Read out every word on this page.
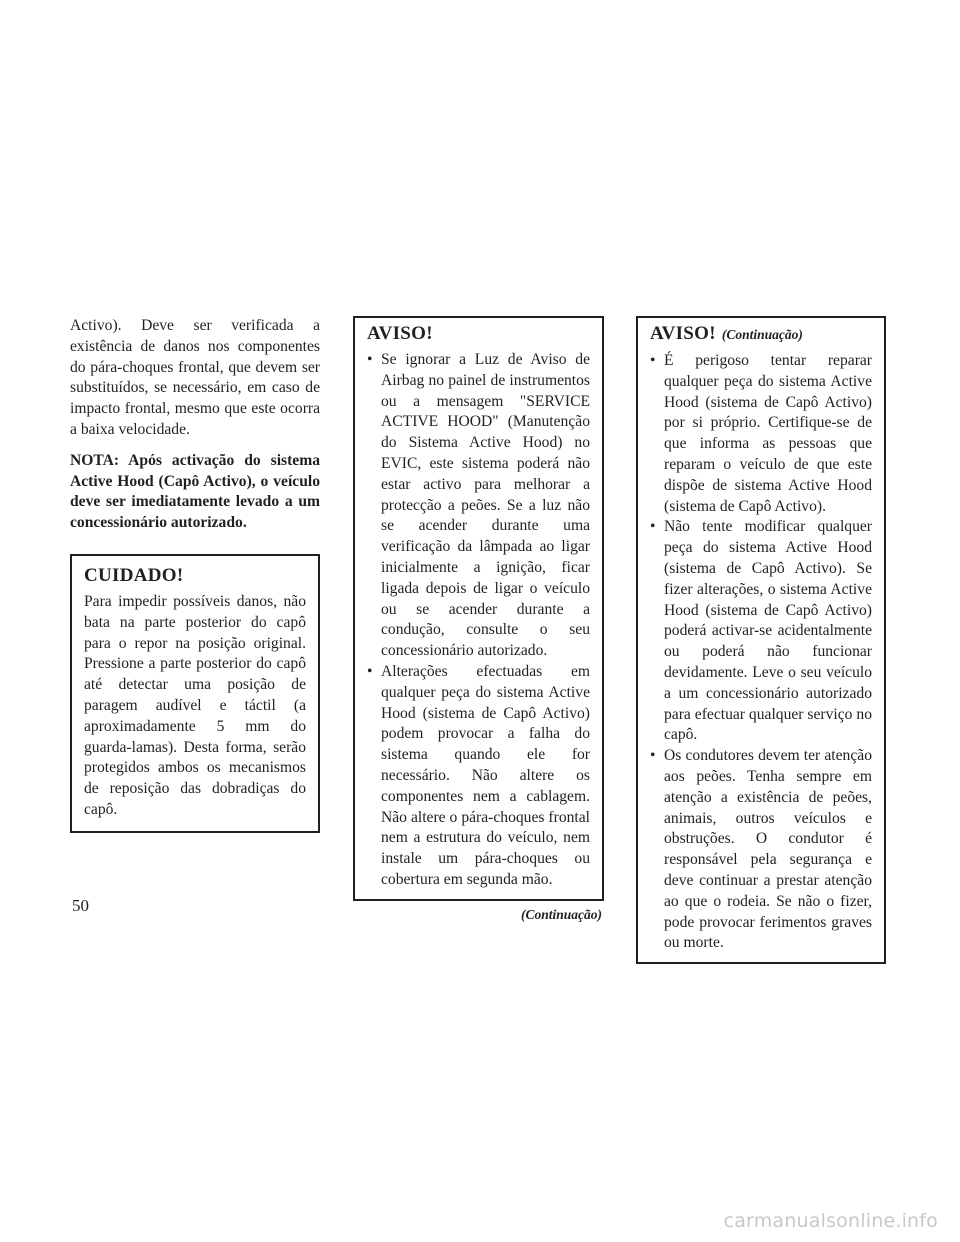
Activo). Deve ser verificada a existência de danos nos componentes do pára-choques frontal, que devem ser substituídos, se necessário, em caso de impacto frontal, mesmo que este ocorra a baixa velocidade.

NOTA: Após activação do sistema Active Hood (Capô Activo), o veículo deve ser imediatamente levado a um concessionário autorizado.

CUIDADO!

Para impedir possíveis danos, não bata na parte posterior do capô para o repor na posição original. Pressione a parte posterior do capô até detectar uma posição de paragem audível e táctil (a aproximadamente 5 mm do guarda-lamas). Desta forma, serão protegidos ambos os mecanismos de reposição das dobradiças do capô.

AVISO!
• Se ignorar a Luz de Aviso de Airbag no painel de instrumentos ou a mensagem "SERVICE ACTIVE HOOD" (Manutenção do Sistema Active Hood) no EVIC, este sistema poderá não estar activo para melhorar a protecção a peões. Se a luz não se acender durante uma verificação da lâmpada ao ligar inicialmente a ignição, ficar ligada depois de ligar o veículo ou se acender durante a condução, consulte o seu concessionário autorizado.
• Alterações efectuadas em qualquer peça do sistema Active Hood (sistema de Capô Activo) podem provocar a falha do sistema quando ele for necessário. Não altere os componentes nem a cablagem. Não altere o pára-choques frontal nem a estrutura do veículo, nem instale um pára-choques ou cobertura em segunda mão.
(Continuação)
AVISO! (Continuação)
• É perigoso tentar reparar qualquer peça do sistema Active Hood (sistema de Capô Activo) por si próprio. Certifique-se de que informa as pessoas que reparam o veículo de que este dispõe de sistema Active Hood (sistema de Capô Activo).
• Não tente modificar qualquer peça do sistema Active Hood (sistema de Capô Activo). Se fizer alterações, o sistema Active Hood (sistema de Capô Activo) poderá activar-se acidentalmente ou poderá não funcionar devidamente. Leve o seu veículo a um concessionário autorizado para efectuar qualquer serviço no capô.
• Os condutores devem ter atenção aos peões. Tenha sempre em atenção a existência de peões, animais, outros veículos e obstruções. O condutor é responsável pela segurança e deve continuar a prestar atenção ao que o rodeia. Se não o fizer, pode provocar ferimentos graves ou morte.
50
carmanualsonline.info
